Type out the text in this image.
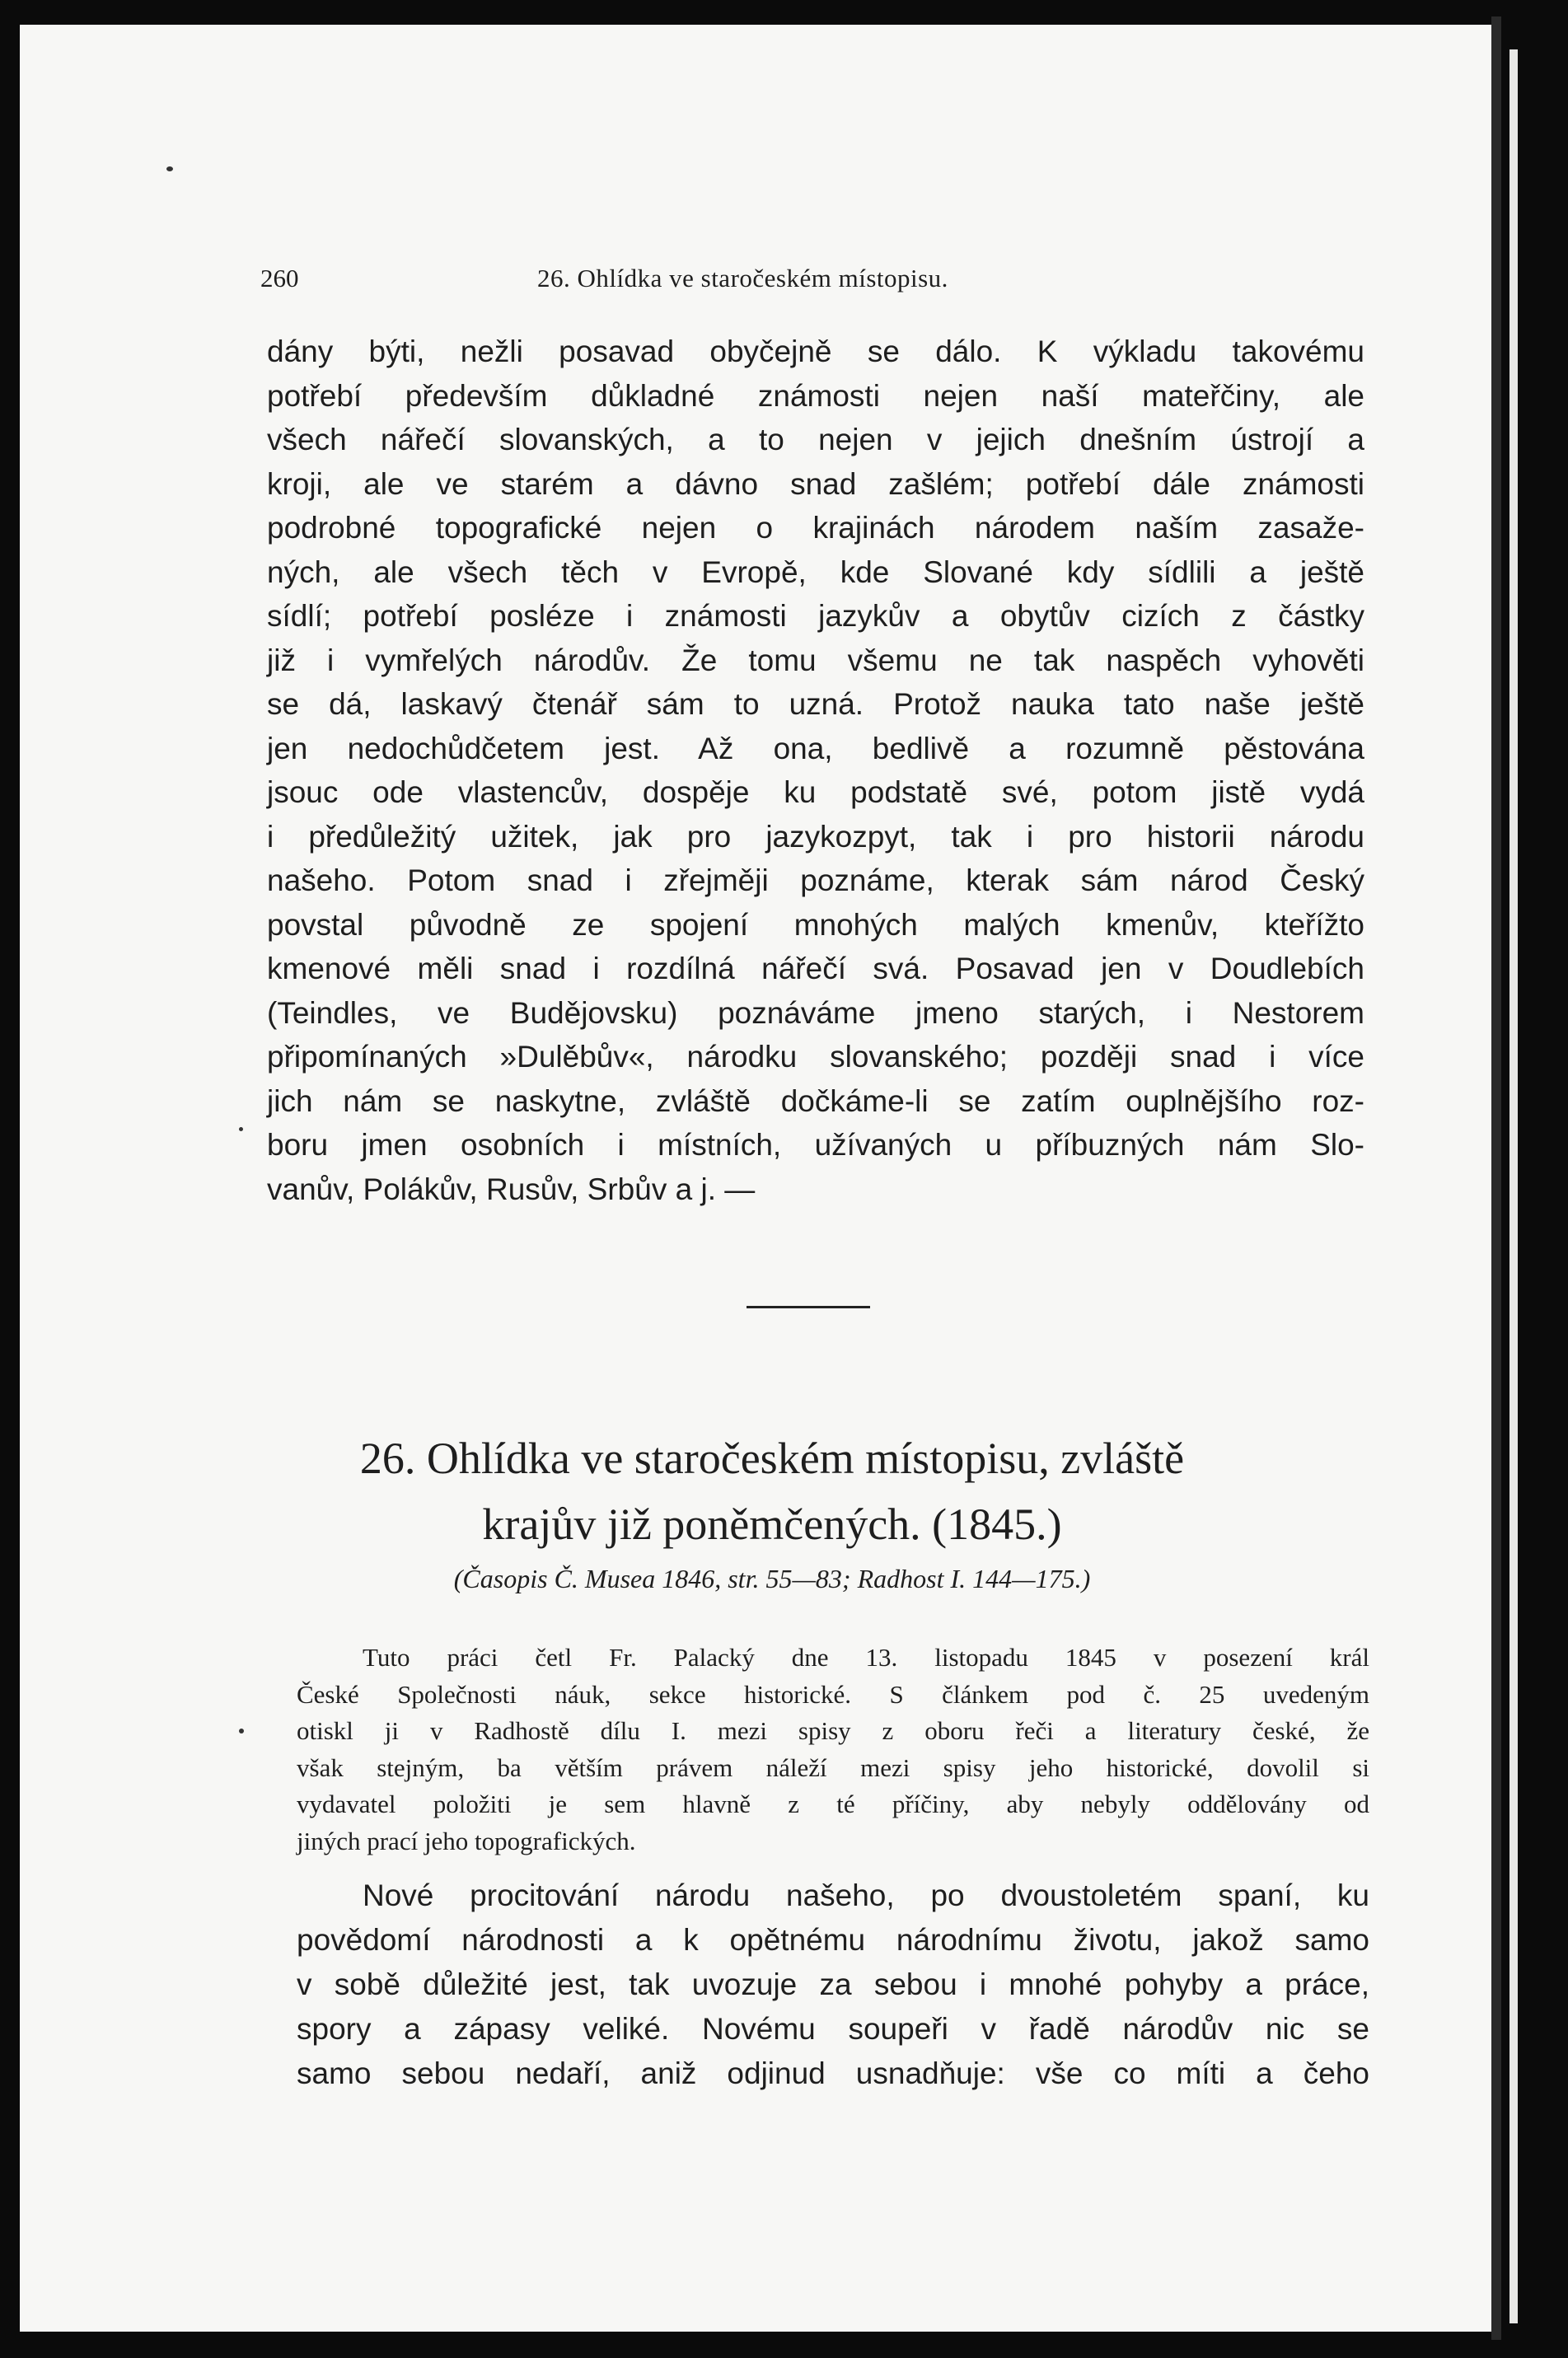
260	26. Ohlídka ve staročeském místopisu.
dány býti, nežli posavad obyčejně se dálo. K výkladu takovému
potřebí především důkladné známosti nejen naší mateřčiny, ale
všech nářečí slovanských, a to nejen v jejich dnešním ústrojí a
kroji, ale ve starém a dávno snad zašlém; potřebí dále známosti
podrobné topografické nejen o krajinách národem naším zasaže-
ných, ale všech těch v Evropě, kde Slované kdy sídlili a ještě
sídlí; potřebí posléze i známosti jazykův a obytův cizích z částky
již i vymřelých národův. Že tomu všemu ne tak naspěch vyhověti
se dá, laskavý čtenář sám to uzná. Protož nauka tato naše ještě
jen nedochůdčetem jest. Až ona, bedlivě a rozumně pěstována
jsouc ode vlastencův, dospěje ku podstatě své, potom jistě vydá
i předůležitý užitek, jak pro jazykozpyt, tak i pro historii národu
našeho. Potom snad i zřejměji poznáme, kterak sám národ Český
povstal původně ze spojení mnohých malých kmenův, kteřížto
kmenové měli snad i rozdílná nářečí svá. Posavad jen v Doudlebích
(Teindles, ve Budějovsku) poznáváme jmeno starých, i Nestorem
připomínaných »Dulěbův«, národku slovanského; později snad i více
jich nám se naskytne, zvláště dočkáme-li se zatím ouplnějšího roz-
boru jmen osobních i místních, užívaných u příbuzných nám Slo-
vanův, Polákův, Rusův, Srbův a j. —
26. Ohlídka ve staročeském místopisu, zvláště
krajův již poněmčených. (1845.)
(Časopis Č. Musea 1846, str. 55—83; Radhost I. 144—175.)
Tuto práci četl Fr. Palacký dne 13. listopadu 1845 v posezení král
České Společnosti náuk, sekce historické. S článkem pod č. 25 uvedeným
otiskl ji v Radhostě dílu I. mezi spisy z oboru řeči a literatury české, že
však stejným, ba větším právem náleží mezi spisy jeho historické, dovolil si
vydavatel položiti je sem hlavně z té příčiny, aby nebyly oddělovány od
jiných prací jeho topografických.
Nové procitování národu našeho, po dvoustoletém spaní, ku
povědomí národnosti a k opětnému národnímu životu, jakož samo
v sobě důležité jest, tak uvozuje za sebou i mnohé pohyby a práce,
spory a zápasy veliké. Novému soupeři v řadě národův nic se
samo sebou nedaří, aniž odjinud usnadňuje: vše co míti a čeho
